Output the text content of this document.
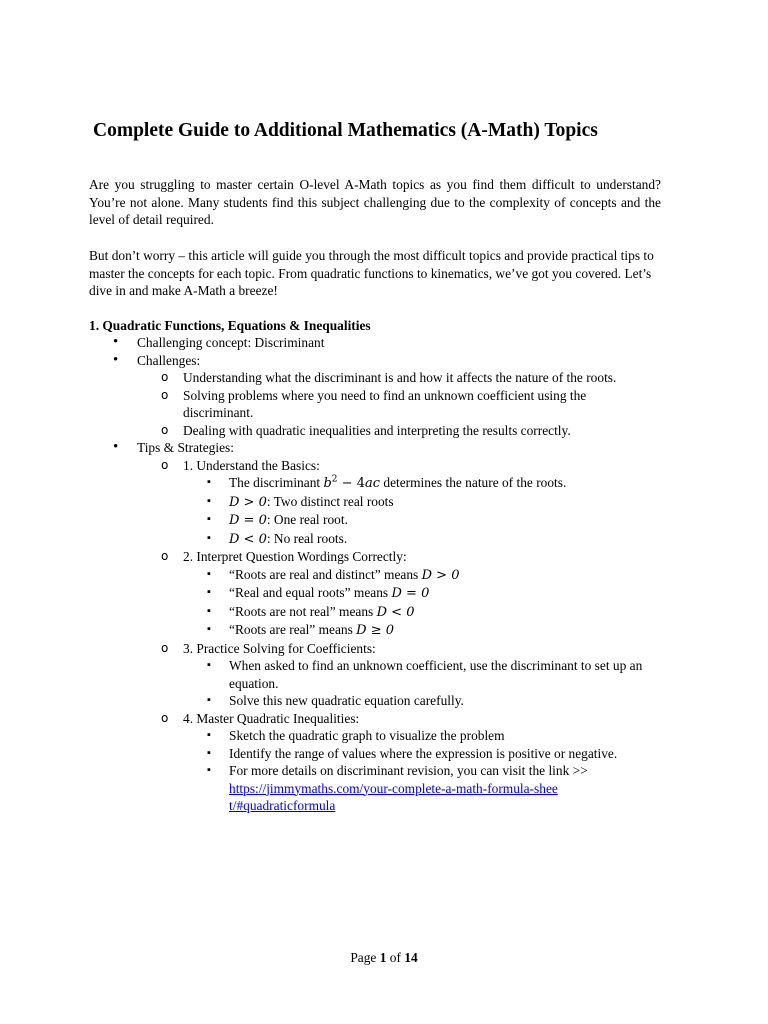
Complete Guide to Additional Mathematics (A-Math) Topics

Are you struggling to master certain O-level A-Math topics as you find them difficult to understand? You’re not alone. Many students find this subject challenging due to the complexity of concepts and the level of detail required.

But don’t worry – this article will guide you through the most difficult topics and provide practical tips to master the concepts for each topic. From quadratic functions to kinematics, we’ve got you covered. Let’s dive in and make A-Math a breeze!

1. Quadratic Functions, Equations & Inequalities

• Challenging concept: Discriminant
• Challenges:
o Understanding what the discriminant is and how it affects the nature of the roots.
o Solving problems where you need to find an unknown coefficient using the discriminant.
o Dealing with quadratic inequalities and interpreting the results correctly.
• Tips & Strategies:
o 1. Understand the Basics:
▪ The discriminant $b^2 - 4ac$ determines the nature of the roots.
▪ D > 0: Two distinct real roots
▪ D = 0: One real root.
▪ D < 0: No real roots.
o 2. Interpret Question Wordings Correctly:
▪ “Roots are real and distinct” means D > 0
▪ “Real and equal roots” means D = 0
▪ “Roots are not real” means D < 0
▪ “Roots are real” means D ≥ 0
o 3. Practice Solving for Coefficients:
▪ When asked to find an unknown coefficient, use the discriminant to set up an equation.
▪ Solve this new quadratic equation carefully.
o 4. Master Quadratic Inequalities:
▪ Sketch the quadratic graph to visualize the problem
▪ Identify the range of values where the expression is positive or negative.
▪ For more details on discriminant revision, you can visit the link >>
https://jimmymaths.com/your-complete-a-math-formula-sheet/#quadraticformula
Page 1 of 14
